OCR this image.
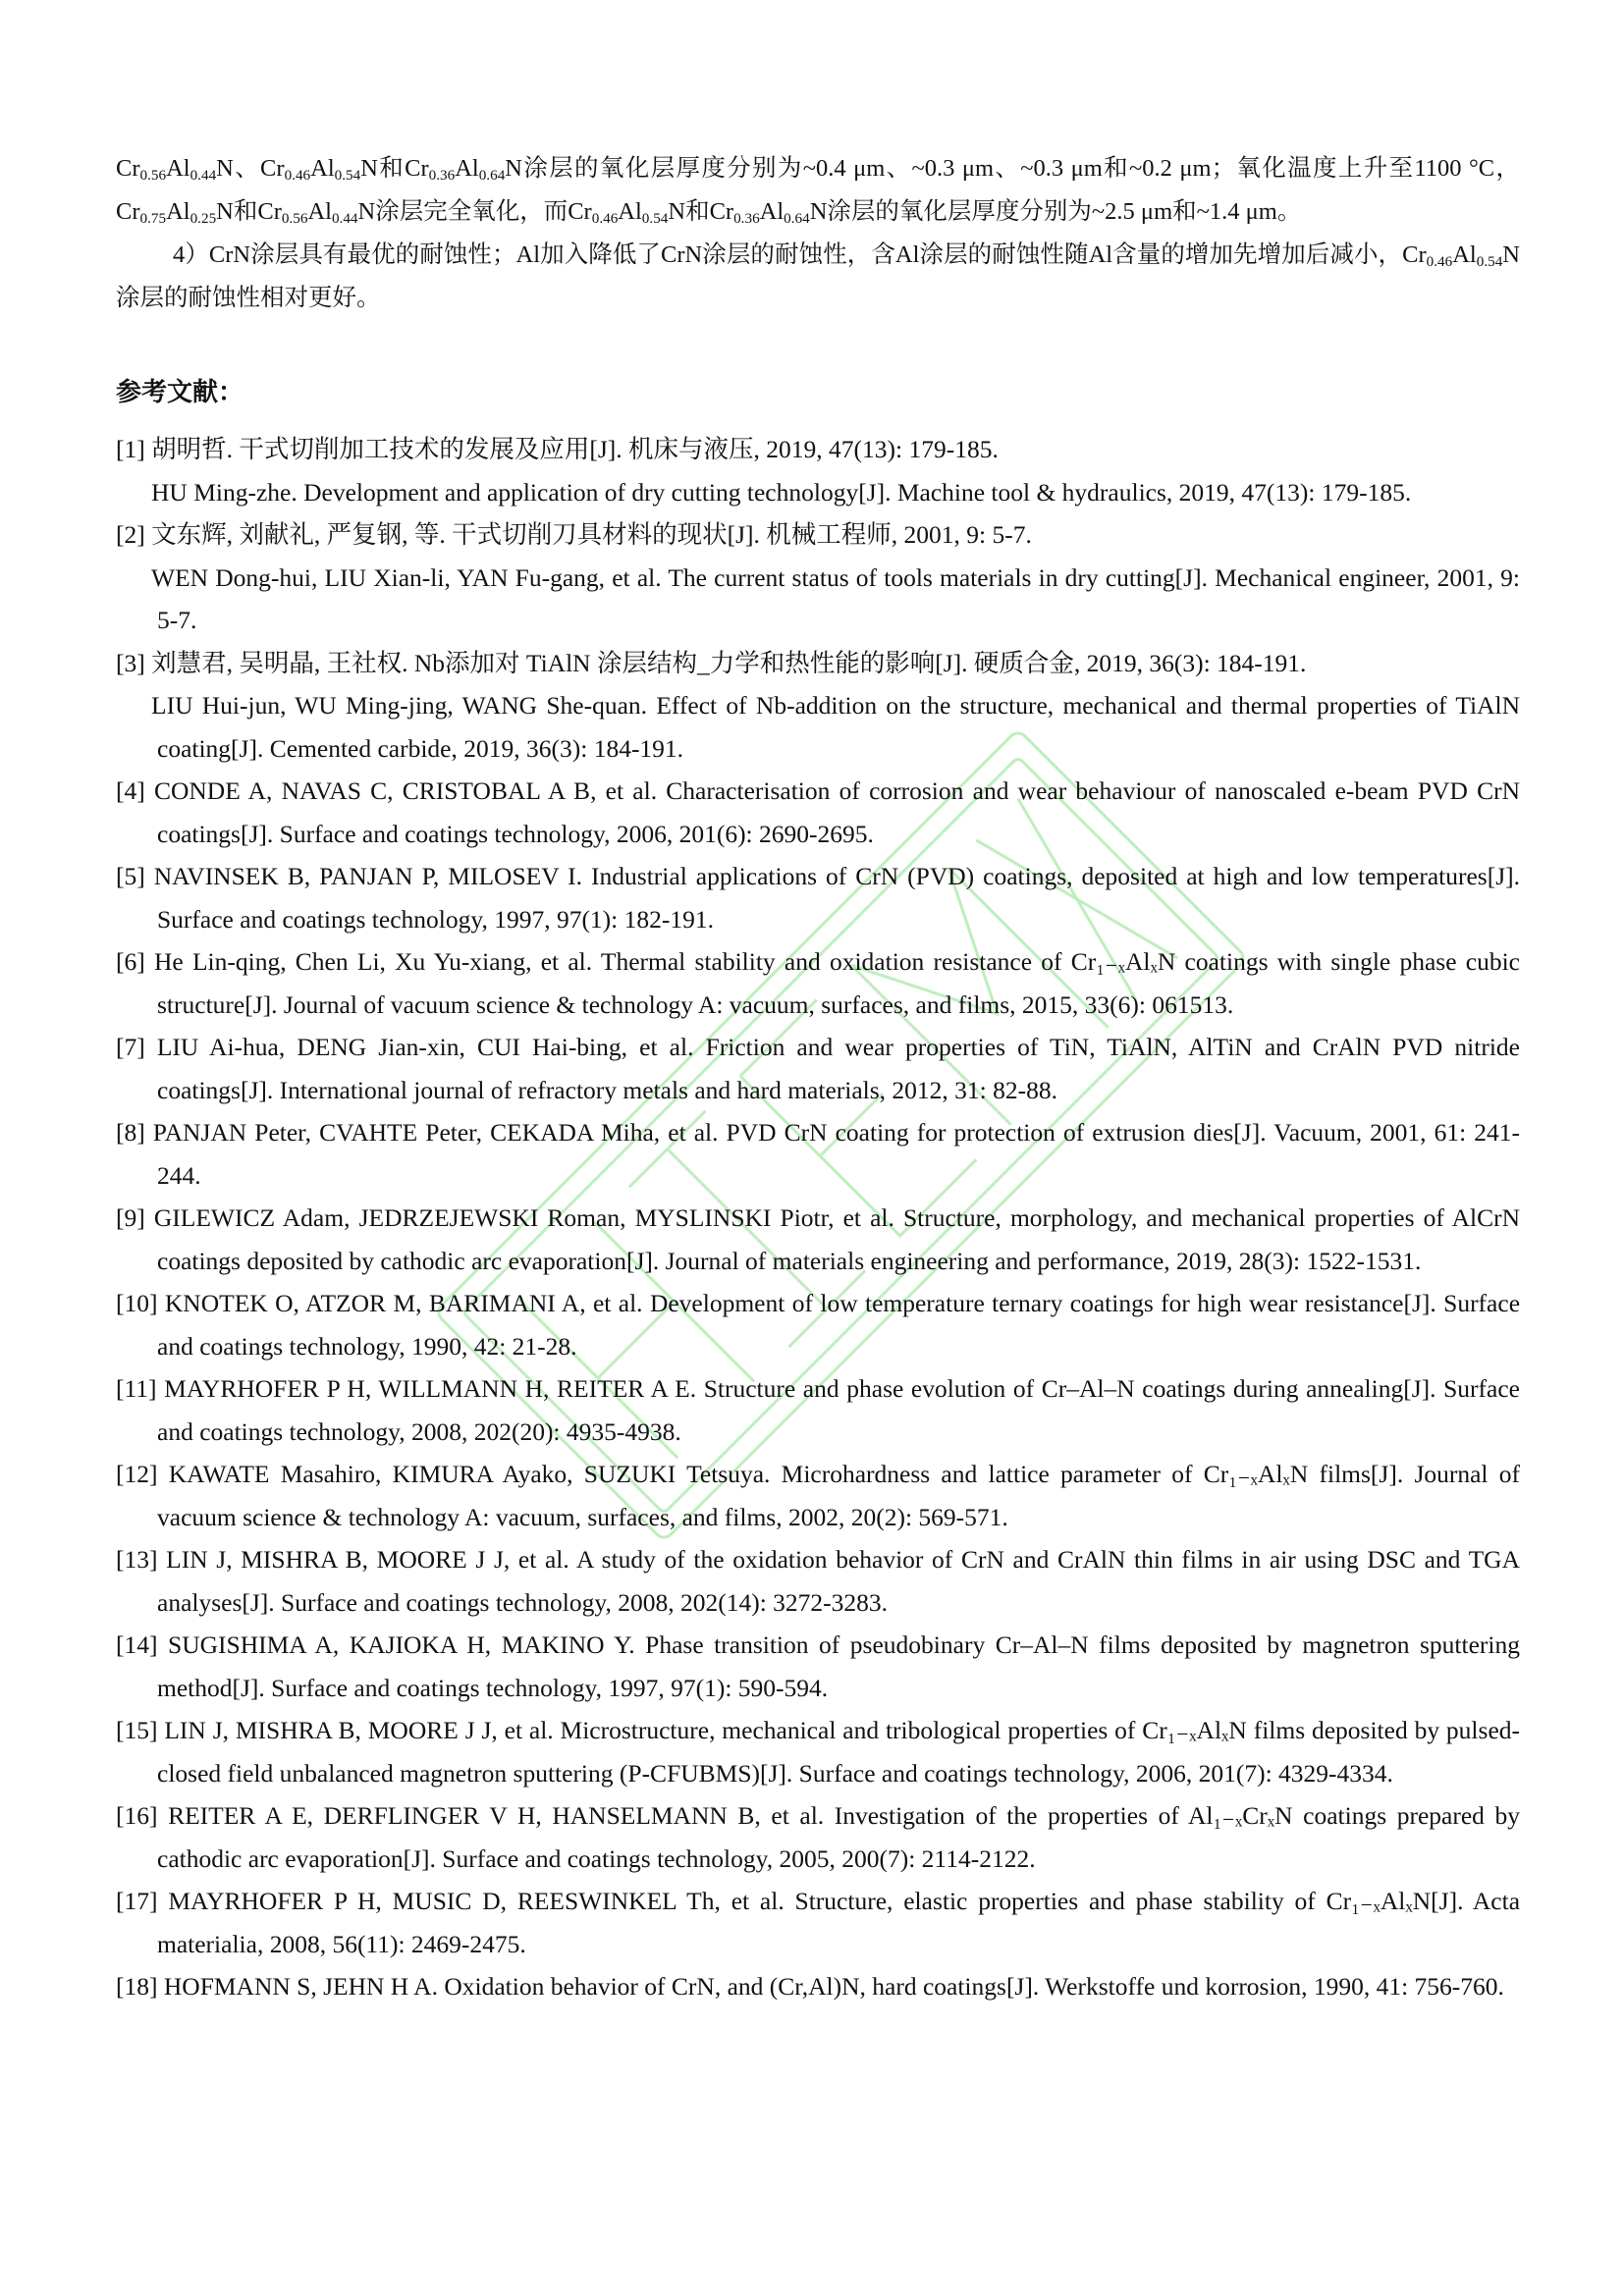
$Cr_{0.56}Al_{0.44}N$、$Cr_{0.46}Al_{0.54}N$和$Cr_{0.36}Al_{0.64}N$涂层的氧化层厚度分别为~0.4 μm、~0.3 μm、~0.3 μm和~0.2 μm；氧化温度上升至1100 °C，$Cr_{0.75}Al_{0.25}N$和$Cr_{0.56}Al_{0.44}N$涂层完全氧化，而$Cr_{0.46}Al_{0.54}N$和$Cr_{0.36}Al_{0.64}N$涂层的氧化层厚度分别为~2.5 μm和~1.4 μm。

4）CrN涂层具有最优的耐蚀性；Al加入降低了CrN涂层的耐蚀性，含Al涂层的耐蚀性随Al含量的增加先增加后减小，$Cr_{0.46}Al_{0.54}N$涂层的耐蚀性相对更好。

参考文献：
[1] 胡明哲. 干式切削加工技术的发展及应用[J]. 机床与液压, 2019, 47(13): 179-185.
HU Ming-zhe. Development and application of dry cutting technology[J]. Machine tool & hydraulics, 2019, 47(13): 179-185.
[2] 文东辉, 刘献礼, 严复钢, 等. 干式切削刀具材料的现状[J]. 机械工程师, 2001, 9: 5-7.
WEN Dong-hui, LIU Xian-li, YAN Fu-gang, et al. The current status of tools materials in dry cutting[J]. Mechanical engineer, 2001, 9: 5-7.
[3] 刘慧君, 吴明晶, 王社权. Nb添加对 TiAlN 涂层结构_力学和热性能的影响[J]. 硬质合金, 2019, 36(3): 184-191.
LIU Hui-jun, WU Ming-jing, WANG She-quan. Effect of Nb-addition on the structure, mechanical and thermal properties of TiAlN coating[J]. Cemented carbide, 2019, 36(3): 184-191.
[4] CONDE A, NAVAS C, CRISTOBAL A B, et al. Characterisation of corrosion and wear behaviour of nanoscaled e-beam PVD CrN coatings[J]. Surface and coatings technology, 2006, 201(6): 2690-2695.
[5] NAVINSEK B, PANJAN P, MILOSEV I. Industrial applications of CrN (PVD) coatings, deposited at high and low temperatures[J]. Surface and coatings technology, 1997, 97(1): 182-191.
[6] He Lin-qing, Chen Li, Xu Yu-xiang, et al. Thermal stability and oxidation resistance of Cr₁₋ₓAlₓN coatings with single phase cubic structure[J]. Journal of vacuum science & technology A: vacuum, surfaces, and films, 2015, 33(6): 061513.
[7] LIU Ai-hua, DENG Jian-xin, CUI Hai-bing, et al. Friction and wear properties of TiN, TiAlN, AlTiN and CrAlN PVD nitride coatings[J]. International journal of refractory metals and hard materials, 2012, 31: 82-88.
[8] PANJAN Peter, CVAHTE Peter, CEKADA Miha, et al. PVD CrN coating for protection of extrusion dies[J]. Vacuum, 2001, 61: 241-244.
[9] GILEWICZ Adam, JEDRZEJEWSKI Roman, MYSLINSKI Piotr, et al. Structure, morphology, and mechanical properties of AlCrN coatings deposited by cathodic arc evaporation[J]. Journal of materials engineering and performance, 2019, 28(3): 1522-1531.
[10] KNOTEK O, ATZOR M, BARIMANI A, et al. Development of low temperature ternary coatings for high wear resistance[J]. Surface and coatings technology, 1990, 42: 21-28.
[11] MAYRHOFER P H, WILLMANN H, REITER A E. Structure and phase evolution of Cr–Al–N coatings during annealing[J]. Surface and coatings technology, 2008, 202(20): 4935-4938.
[12] KAWATE Masahiro, KIMURA Ayako, SUZUKI Tetsuya. Microhardness and lattice parameter of Cr₁₋ₓAlₓN films[J]. Journal of vacuum science & technology A: vacuum, surfaces, and films, 2002, 20(2): 569-571.
[13] LIN J, MISHRA B, MOORE J J, et al. A study of the oxidation behavior of CrN and CrAlN thin films in air using DSC and TGA analyses[J]. Surface and coatings technology, 2008, 202(14): 3272-3283.
[14] SUGISHIMA A, KAJIOKA H, MAKINO Y. Phase transition of pseudobinary Cr–Al–N films deposited by magnetron sputtering method[J]. Surface and coatings technology, 1997, 97(1): 590-594.
[15] LIN J, MISHRA B, MOORE J J, et al. Microstructure, mechanical and tribological properties of Cr₁₋ₓAlₓN films deposited by pulsed-closed field unbalanced magnetron sputtering (P-CFUBMS)[J]. Surface and coatings technology, 2006, 201(7): 4329-4334.
[16] REITER A E, DERFLINGER V H, HANSELMANN B, et al. Investigation of the properties of Al₁₋ₓCrₓN coatings prepared by cathodic arc evaporation[J]. Surface and coatings technology, 2005, 200(7): 2114-2122.
[17] MAYRHOFER P H, MUSIC D, REESWINKEL Th, et al. Structure, elastic properties and phase stability of Cr₁₋ₓAlₓN[J]. Acta materialia, 2008, 56(11): 2469-2475.
[18] HOFMANN S, JEHN H A. Oxidation behavior of CrN, and (Cr,Al)N, hard coatings[J]. Werkstoffe und korrosion, 1990, 41: 756-760.
